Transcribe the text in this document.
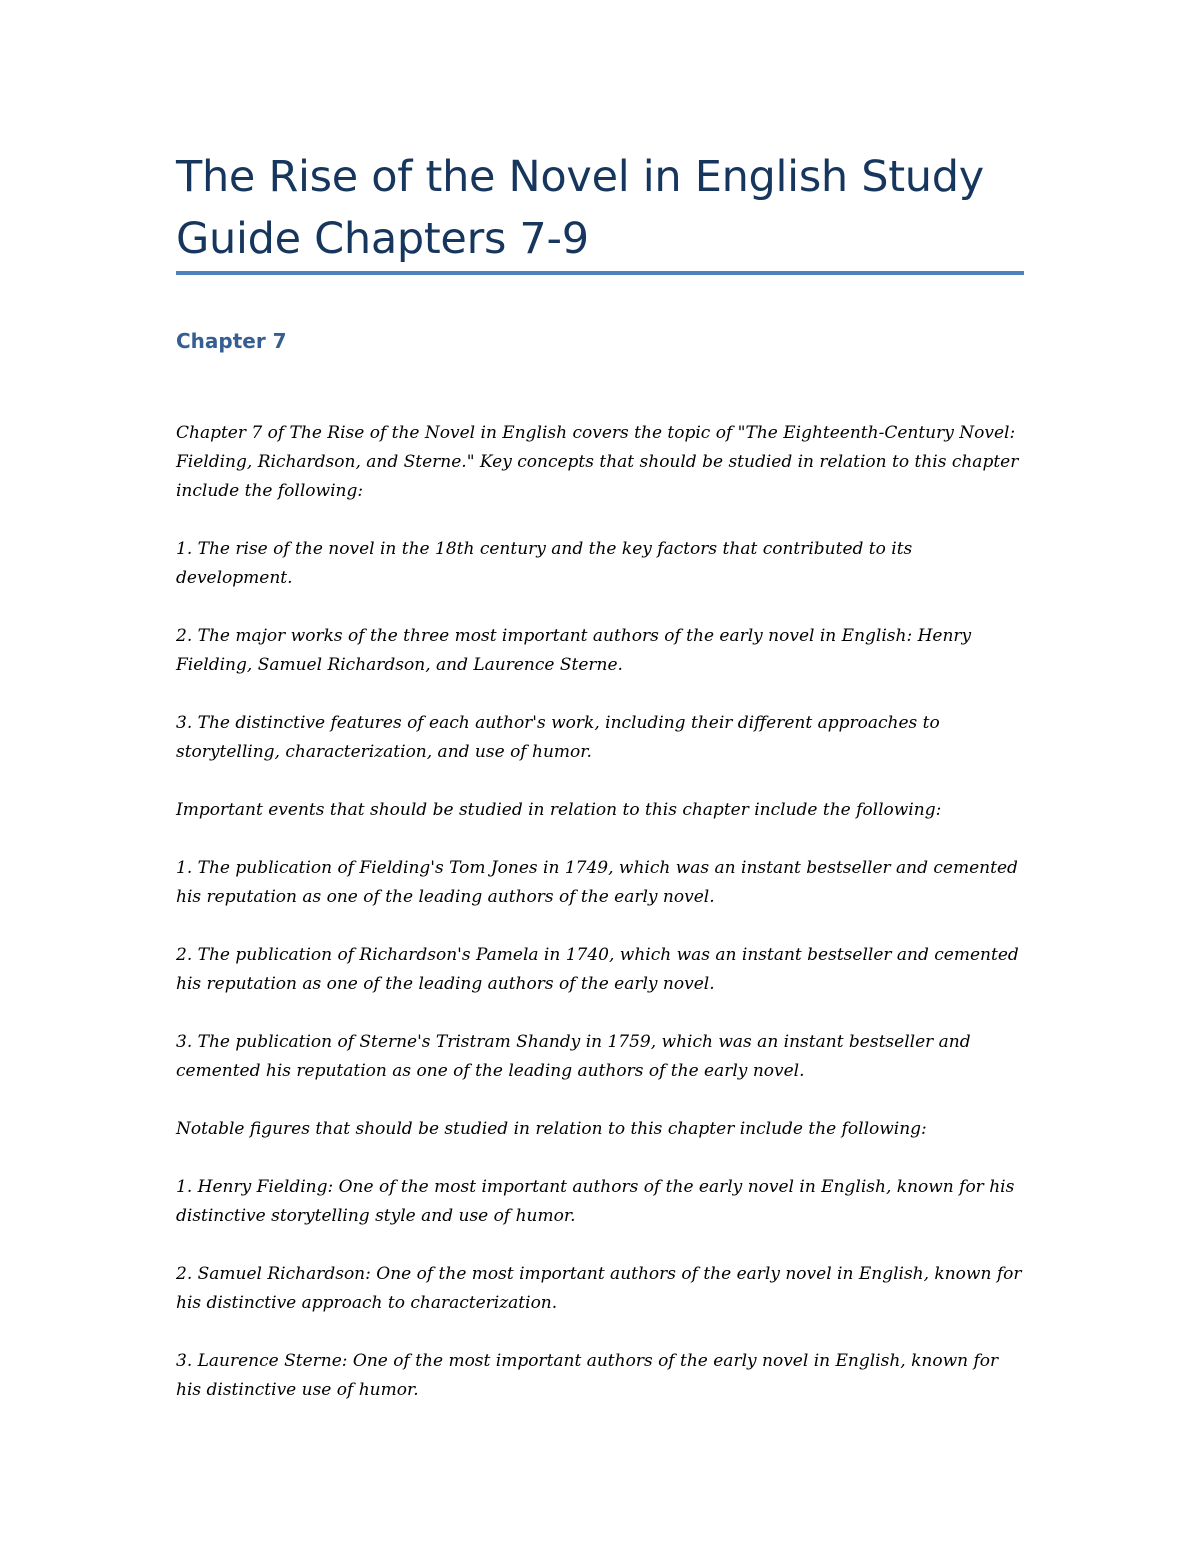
The Rise of the Novel in English Study Guide Chapters 7-9
Chapter 7

Chapter 7 of The Rise of the Novel in English covers the topic of "The Eighteenth-Century Novel: Fielding, Richardson, and Sterne." Key concepts that should be studied in relation to this chapter include the following:

1. The rise of the novel in the 18th century and the key factors that contributed to its development.

2. The major works of the three most important authors of the early novel in English: Henry Fielding, Samuel Richardson, and Laurence Sterne.

3. The distinctive features of each author's work, including their different approaches to storytelling, characterization, and use of humor.

Important events that should be studied in relation to this chapter include the following:

1. The publication of Fielding's Tom Jones in 1749, which was an instant bestseller and cemented his reputation as one of the leading authors of the early novel.

2. The publication of Richardson's Pamela in 1740, which was an instant bestseller and cemented his reputation as one of the leading authors of the early novel.

3. The publication of Sterne's Tristram Shandy in 1759, which was an instant bestseller and cemented his reputation as one of the leading authors of the early novel.

Notable figures that should be studied in relation to this chapter include the following:

1. Henry Fielding: One of the most important authors of the early novel in English, known for his distinctive storytelling style and use of humor.

2. Samuel Richardson: One of the most important authors of the early novel in English, known for his distinctive approach to characterization.

3. Laurence Sterne: One of the most important authors of the early novel in English, known for his distinctive use of humor.
